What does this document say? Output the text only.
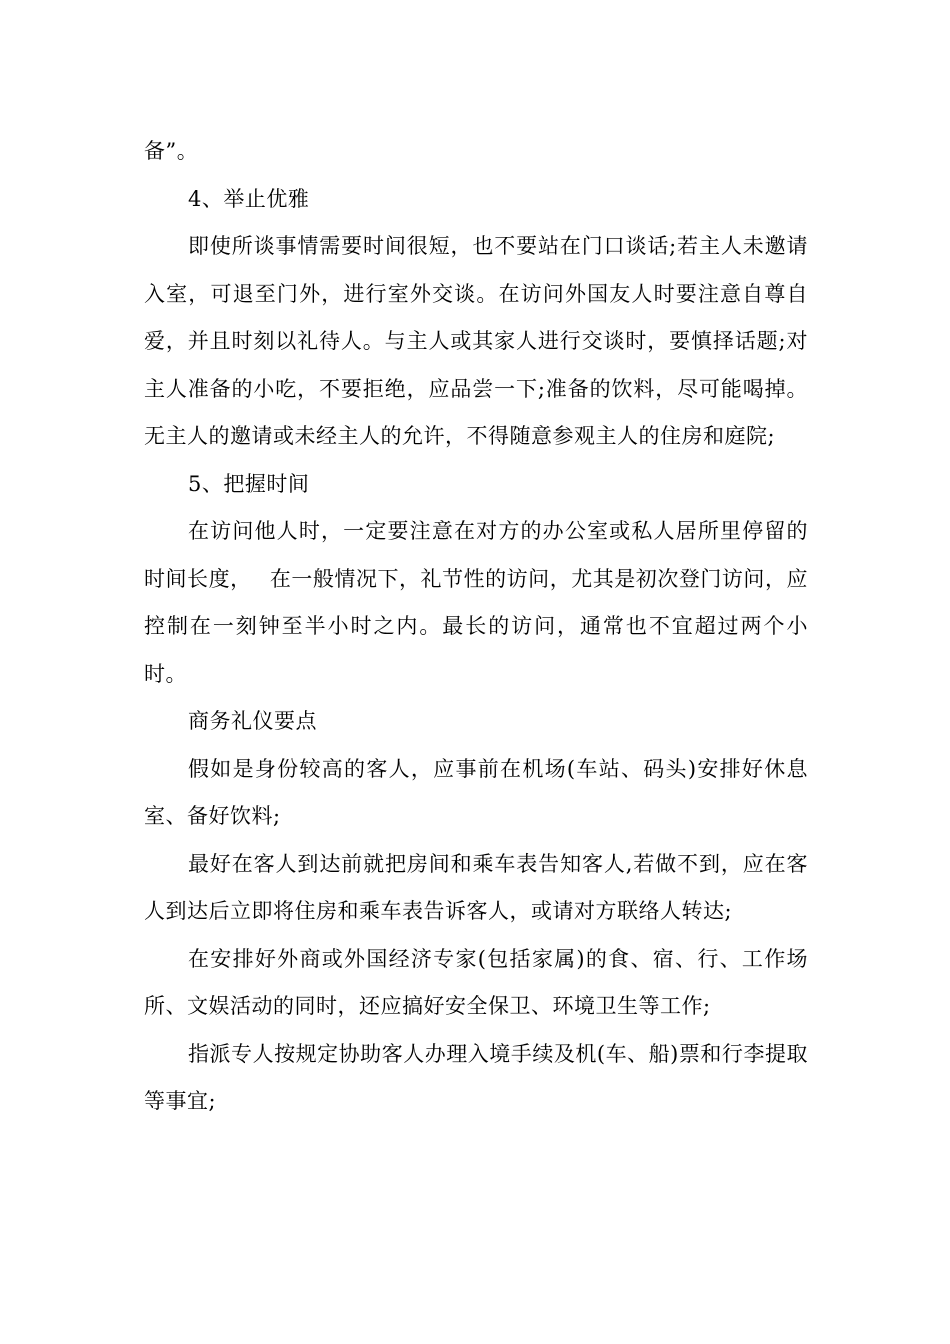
备”。

4、举止优雅

即使所谈事情需要时间很短，也不要站在门口谈话;若主人未邀请入室，可退至门外，进行室外交谈。在访问外国友人时要注意自尊自爱，并且时刻以礼待人。与主人或其家人进行交谈时，要慎择话题;对主人准备的小吃，不要拒绝，应品尝一下;准备的饮料，尽可能喝掉。无主人的邀请或未经主人的允许，不得随意参观主人的住房和庭院;

5、把握时间

在访问他人时，一定要注意在对方的办公室或私人居所里停留的时间长度，　 在一般情况下，礼节性的访问，尤其是初次登门访问，应控制在一刻钟至半小时之内。最长的访问，通常也不宜超过两个小时。

商务礼仪要点

假如是身份较高的客人，应事前在机场(车站、码头)安排好休息室、备好饮料;

最好在客人到达前就把房间和乘车表告知客人,若做不到，应在客人到达后立即将住房和乘车表告诉客人，或请对方联络人转达;

在安排好外商或外国经济专家(包括家属)的食、宿、行、工作场所、文娱活动的同时，还应搞好安全保卫、环境卫生等工作;

指派专人按规定协助客人办理入境手续及机(车、船)票和行李提取等事宜;
